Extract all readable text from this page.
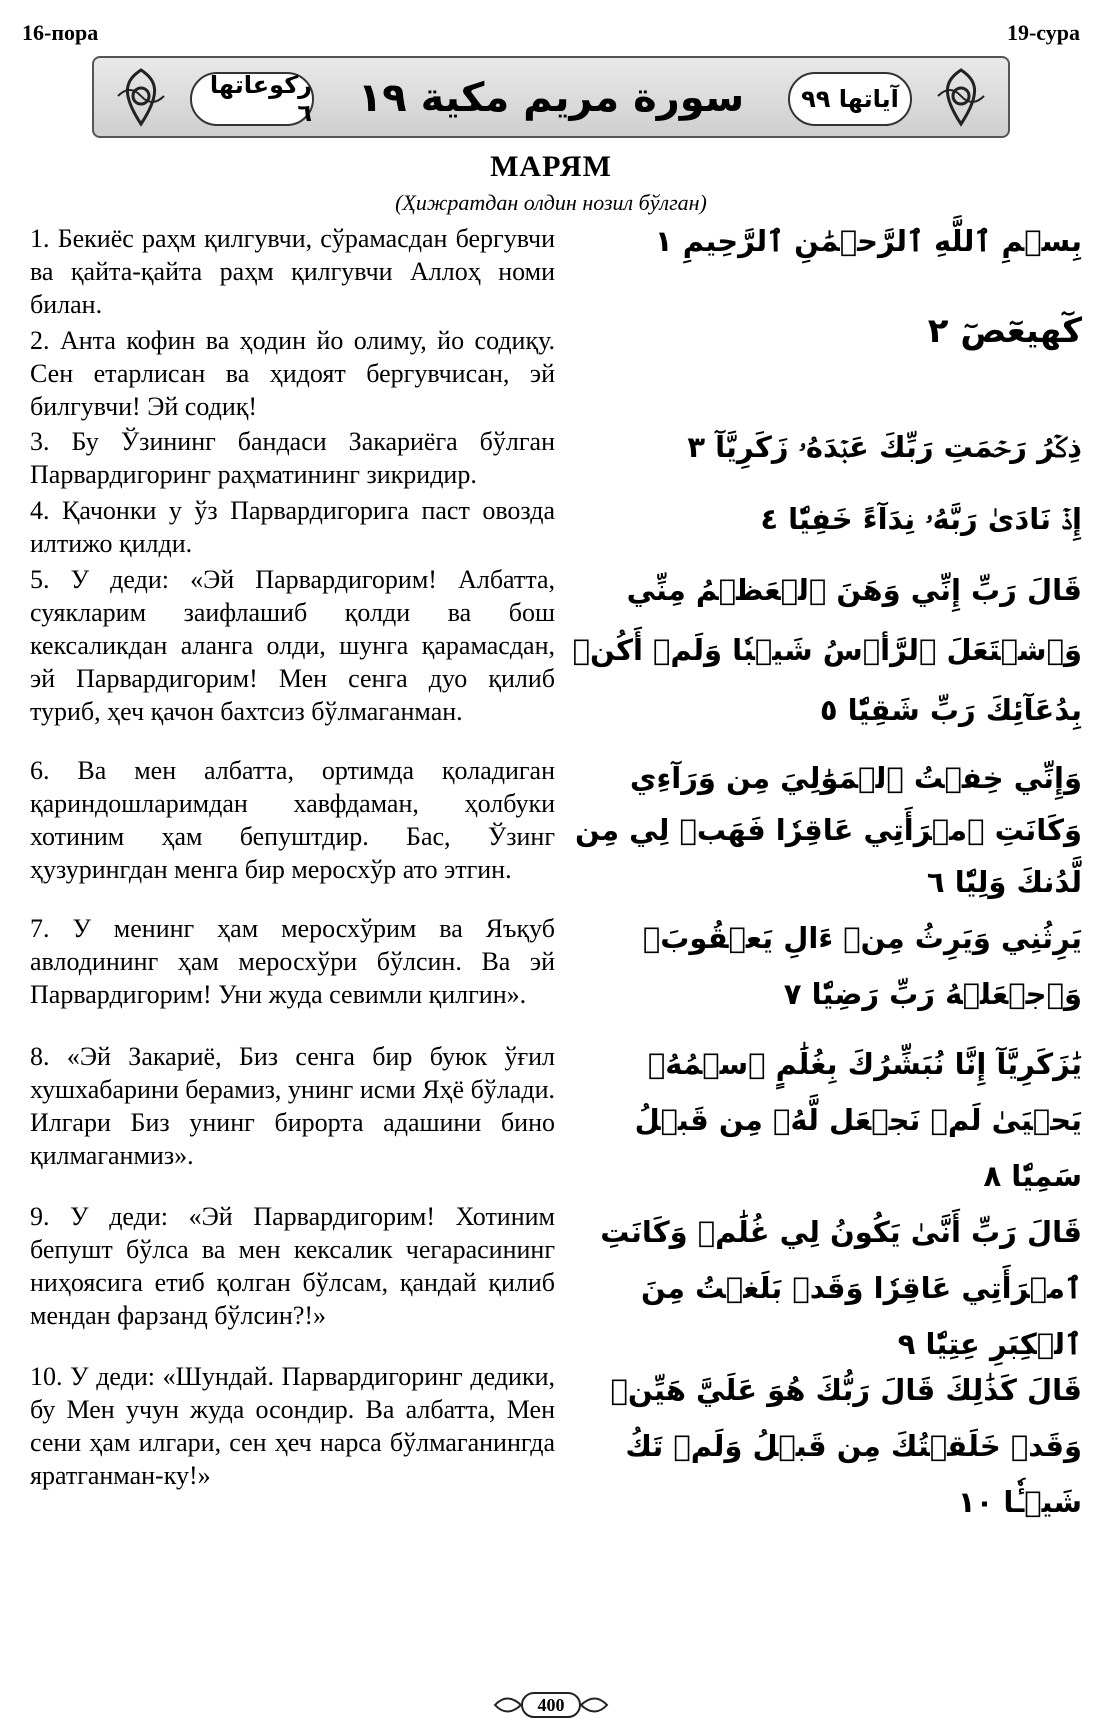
16-пора	19-сура
ركوعاتها ٦	سورة مريم مكية ١٩	آياتها ٩٩
МАРЯМ
(Ҳижратдан олдин нозил бўлган)
1. Бекиёс раҳм қилгувчи, сўрамасдан бергувчи ва қайта-қайта раҳм қилгувчи Аллоҳ номи билан.
بِسۡمِ ٱللَّهِ ٱلرَّحۡمَٰنِ ٱلرَّحِيمِ ١
2. Анта кофин ва ҳодин йо олиму, йо содиқу. Сен етарлисан ва ҳидоят бергувчисан, эй билгувчи! Эй содиқ!
كٓهيعٓصٓ ٢
3. Бу Ўзининг бандаси Закариёга бўлган Парвардигоринг раҳматининг зикридир.
ذِكۡرُ رَحۡمَتِ رَبِّكَ عَبۡدَهُۥ زَكَرِيَّآ ٣
4. Қачонки у ўз Парвардигорига паст овозда илтижо қилди.
إِذۡ نَادَىٰ رَبَّهُۥ نِدَآءً خَفِيّٗا ٤
5. У деди: «Эй Парвардигорим! Албатта, суякларим заифлашиб қолди ва бош кексаликдан аланга олди, шунга қарамасдан, эй Парвардигорим! Мен сенга дуо қилиб туриб, ҳеч қачон бахтсиз бўлмаганман.
قَالَ رَبِّ إِنِّي وَهَنَ ٱلۡعَظۡمُ مِنِّي وَٱشۡتَعَلَ ٱلرَّأۡسُ شَيۡبٗا وَلَمۡ أَكُنۢ بِدُعَآئِكَ رَبِّ شَقِيّٗا ٥
6. Ва мен албатта, ортимда қоладиган қариндошларимдан хавфдаман, ҳолбуки хотиним ҳам бепуштдир. Бас, Ўзинг ҳузурингдан менга бир меросхўр ато этгин.
وَإِنِّي خِفۡتُ ٱلۡمَوَٰلِيَ مِن وَرَآءِي وَكَانَتِ ٱمۡرَأَتِي عَاقِرٗا فَهَبۡ لِي مِن لَّدُنكَ وَلِيّٗا ٦
7. У менинг ҳам меросхўрим ва Яъқуб авлодининг ҳам меросхўри бўлсин. Ва эй Парвардигорим! Уни жуда севимли қилгин».
يَرِثُنِي وَيَرِثُ مِنۡ ءَالِ يَعۡقُوبَۖ وَٱجۡعَلۡهُ رَبِّ رَضِيّٗا ٧
8. «Эй Закариё, Биз сенга бир буюк ўғил хушхабарини берамиз, унинг исми Яҳё бўлади. Илгари Биз унинг бирорта адашини бино қилмаганмиз».
يَٰزَكَرِيَّآ إِنَّا نُبَشِّرُكَ بِغُلَٰمٍ ٱسۡمُهُۥ يَحۡيَىٰ لَمۡ نَجۡعَل لَّهُۥ مِن قَبۡلُ سَمِيّٗا ٨
9. У деди: «Эй Парвардигорим! Хотиним бепушт бўлса ва мен кексалик чегарасининг ниҳоясига етиб қолган бўлсам, қандай қилиб мендан фарзанд бўлсин?!»
قَالَ رَبِّ أَنَّىٰ يَكُونُ لِي غُلَٰمٞ وَكَانَتِ ٱمۡرَأَتِي عَاقِرٗا وَقَدۡ بَلَغۡتُ مِنَ ٱلۡكِبَرِ عِتِيّٗا ٩
10. У деди: «Шундай. Парвардигоринг дедики, бу Мен учун жуда осондир. Ва албатта, Мен сени ҳам илгари, сен ҳеч нарса бўлмаганингда яратганман-ку!»
قَالَ كَذَٰلِكَ قَالَ رَبُّكَ هُوَ عَلَيَّ هَيِّنٞ وَقَدۡ خَلَقۡتُكَ مِن قَبۡلُ وَلَمۡ تَكُ شَيۡـٔٗا ١٠
400
